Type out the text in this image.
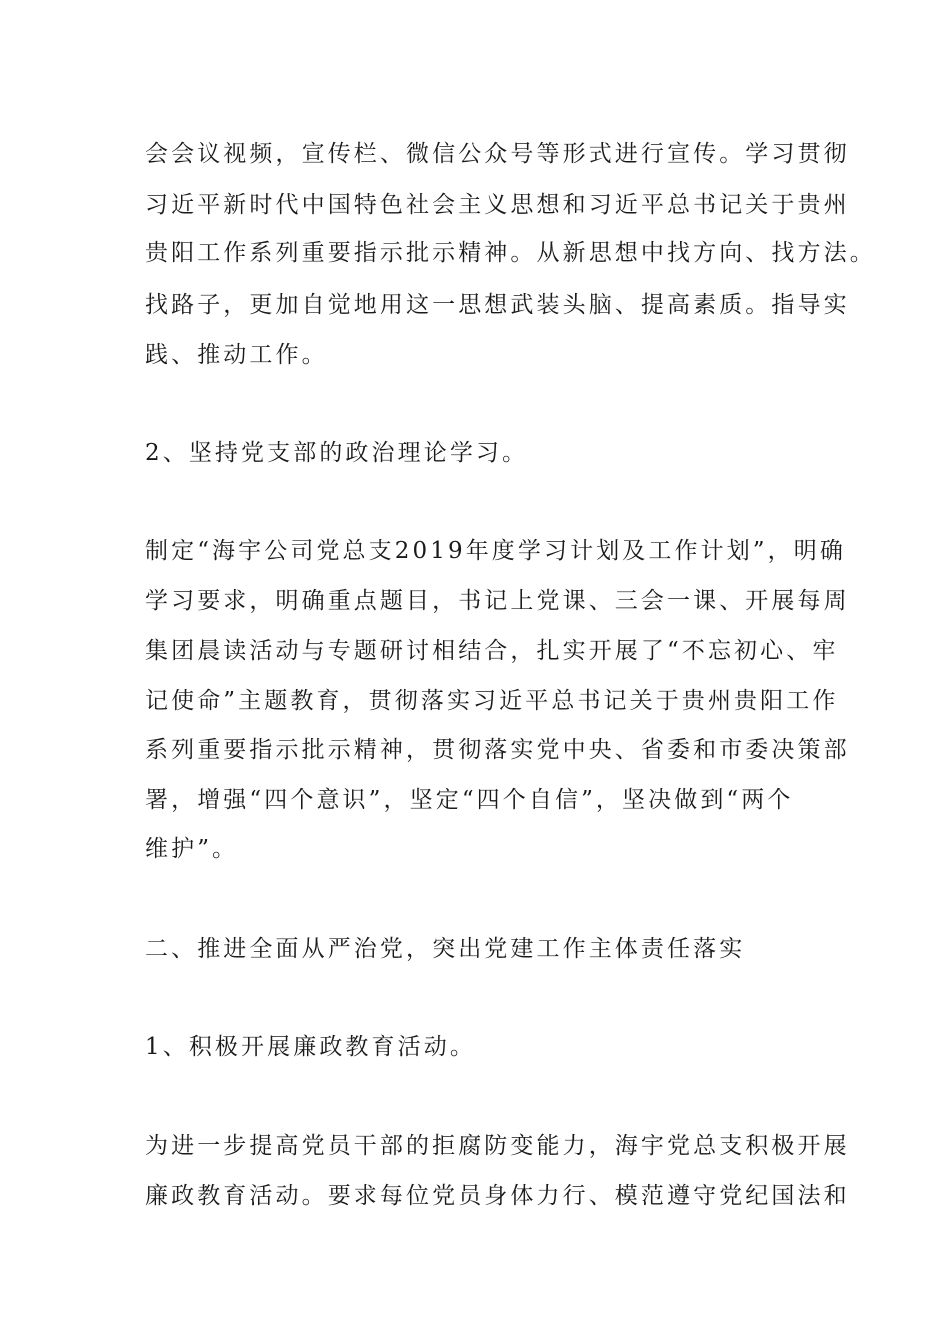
会会议视频，宣传栏、微信公众号等形式进行宣传。学习贯彻
习近平新时代中国特色社会主义思想和习近平总书记关于贵州
贵阳工作系列重要指示批示精神。从新思想中找方向、找方法。
找路子，更加自觉地用这一思想武装头脑、提高素质。指导实
践、推动工作。
2、坚持党支部的政治理论学习。
制定“海宇公司党总支2019年度学习计划及工作计划”，明确
学习要求，明确重点题目，书记上党课、三会一课、开展每周
集团晨读活动与专题研讨相结合，扎实开展了“不忘初心、牢
记使命”主题教育，贯彻落实习近平总书记关于贵州贵阳工作
系列重要指示批示精神，贯彻落实党中央、省委和市委决策部
署，增强“四个意识”，坚定“四个自信”，坚决做到“两个
维护”。
二、推进全面从严治党，突出党建工作主体责任落实
1、积极开展廉政教育活动。
为进一步提高党员干部的拒腐防变能力，海宇党总支积极开展
廉政教育活动。要求每位党员身体力行、模范遵守党纪国法和
